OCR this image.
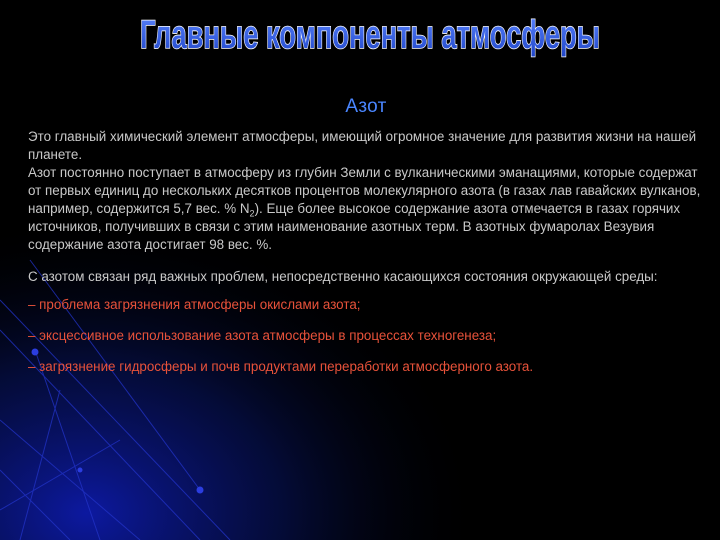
Главные компоненты атмосферы
Азот

Это главный химический элемент атмосферы, имеющий огромное значение для развития жизни на нашей планете.
Азот постоянно поступает в атмосферу из глубин Земли с вулканическими эманациями, которые содержат от первых единиц до нескольких десятков процентов молекулярного азота (в газах лав гавайских вулканов, например, содержится 5,7 вес. % $N_2$). Еще более высокое содержание азота отмечается в газах горячих источников, получивших в связи с этим наименование азотных терм. В азотных фумаролах Везувия содержание азота достигает 98 вес. %.

С азотом связан ряд важных проблем, непосредственно касающихся состояния окружающей среды:

– проблема загрязнения атмосферы окислами азота;

– эксцессивное использование азота атмосферы в процессах техногенеза;

– загрязнение гидросферы и почв продуктами переработки атмосферного азота.
